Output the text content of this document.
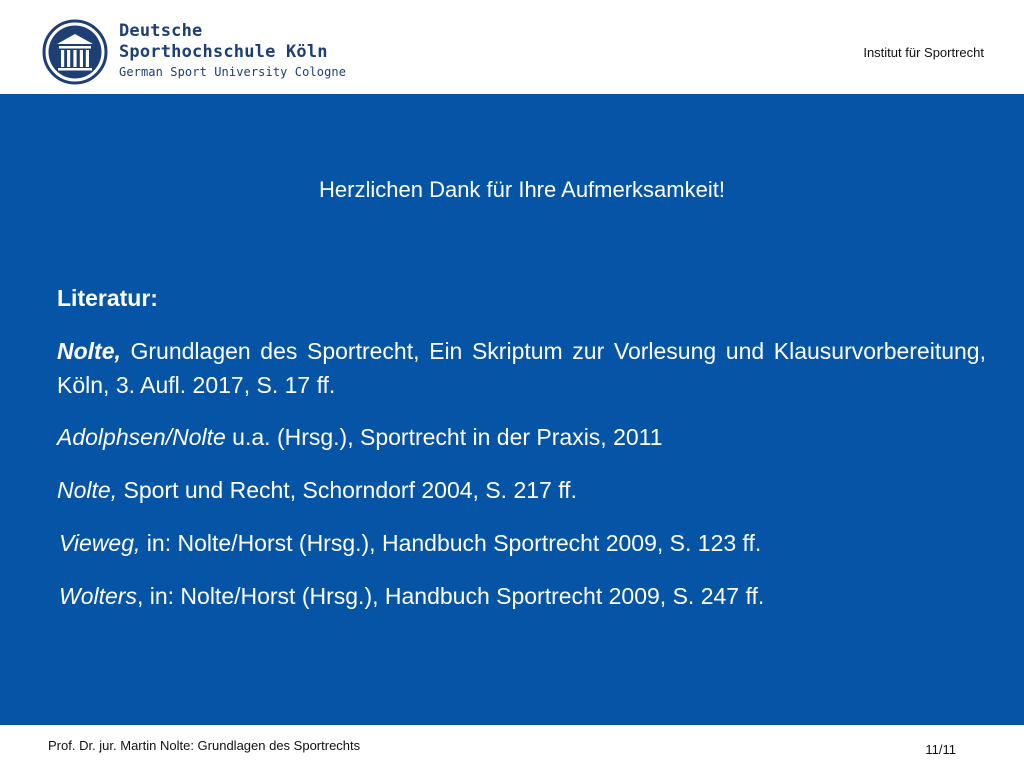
Deutsche
Sporthochschule Köln
German Sport University Cologne
Institut für Sportrecht
Herzlichen Dank für Ihre Aufmerksamkeit!
Literatur:
Nolte, Grundlagen des Sportrecht, Ein Skriptum zur Vorlesung und Klausurvorbereitung, Köln, 3. Aufl. 2017, S. 17 ff.
Adolphsen/Nolte u.a. (Hrsg.), Sportrecht in der Praxis, 2011
Nolte, Sport und Recht, Schorndorf 2004, S. 217 ff.
Vieweg, in: Nolte/Horst (Hrsg.), Handbuch Sportrecht 2009, S. 123 ff.
Wolters, in: Nolte/Horst (Hrsg.), Handbuch Sportrecht 2009, S. 247 ff.
Prof. Dr. jur. Martin Nolte: Grundlagen des Sportrechts	11/11
